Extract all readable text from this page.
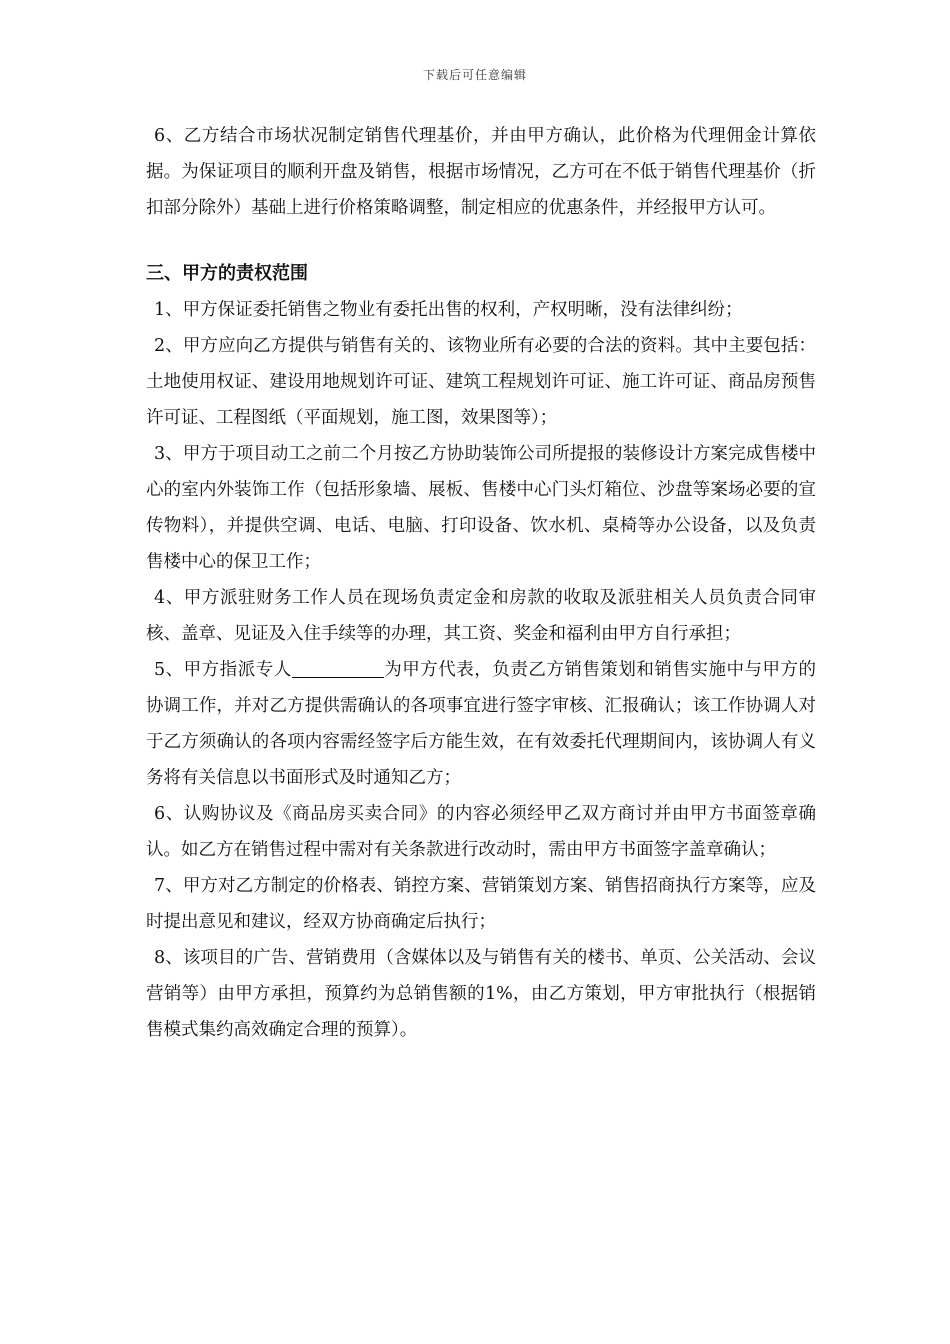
下载后可任意编辑

6、乙方结合市场状况制定销售代理基价，并由甲方确认，此价格为代理佣金计算依据。为保证项目的顺利开盘及销售，根据市场情况，乙方可在不低于销售代理基价（折扣部分除外）基础上进行价格策略调整，制定相应的优惠条件，并经报甲方认可。

三、甲方的责权范围

1、甲方保证委托销售之物业有委托出售的权利，产权明晰，没有法律纠纷；

2、甲方应向乙方提供与销售有关的、该物业所有必要的合法的资料。其中主要包括：土地使用权证、建设用地规划许可证、建筑工程规划许可证、施工许可证、商品房预售许可证、工程图纸（平面规划，施工图，效果图等）；

3、甲方于项目动工之前二个月按乙方协助装饰公司所提报的装修设计方案完成售楼中心的室内外装饰工作（包括形象墙、展板、售楼中心门头灯箱位、沙盘等案场必要的宣传物料），并提供空调、电话、电脑、打印设备、饮水机、桌椅等办公设备，以及负责售楼中心的保卫工作；

4、甲方派驻财务工作人员在现场负责定金和房款的收取及派驻相关人员负责合同审核、盖章、见证及入住手续等的办理，其工资、奖金和福利由甲方自行承担；

5、甲方指派专人	为甲方代表，负责乙方销售策划和销售实施中与甲方的协调工作，并对乙方提供需确认的各项事宜进行签字审核、汇报确认；该工作协调人对于乙方须确认的各项内容需经签字后方能生效，在有效委托代理期间内，该协调人有义务将有关信息以书面形式及时通知乙方；

6、认购协议及《商品房买卖合同》的内容必须经甲乙双方商讨并由甲方书面签章确认。如乙方在销售过程中需对有关条款进行改动时，需由甲方书面签字盖章确认；

7、甲方对乙方制定的价格表、销控方案、营销策划方案、销售招商执行方案等，应及时提出意见和建议，经双方协商确定后执行；

8、该项目的广告、营销费用（含媒体以及与销售有关的楼书、单页、公关活动、会议营销等）由甲方承担，预算约为总销售额的1%，由乙方策划，甲方审批执行（根据销售模式集约高效确定合理的预算）。
